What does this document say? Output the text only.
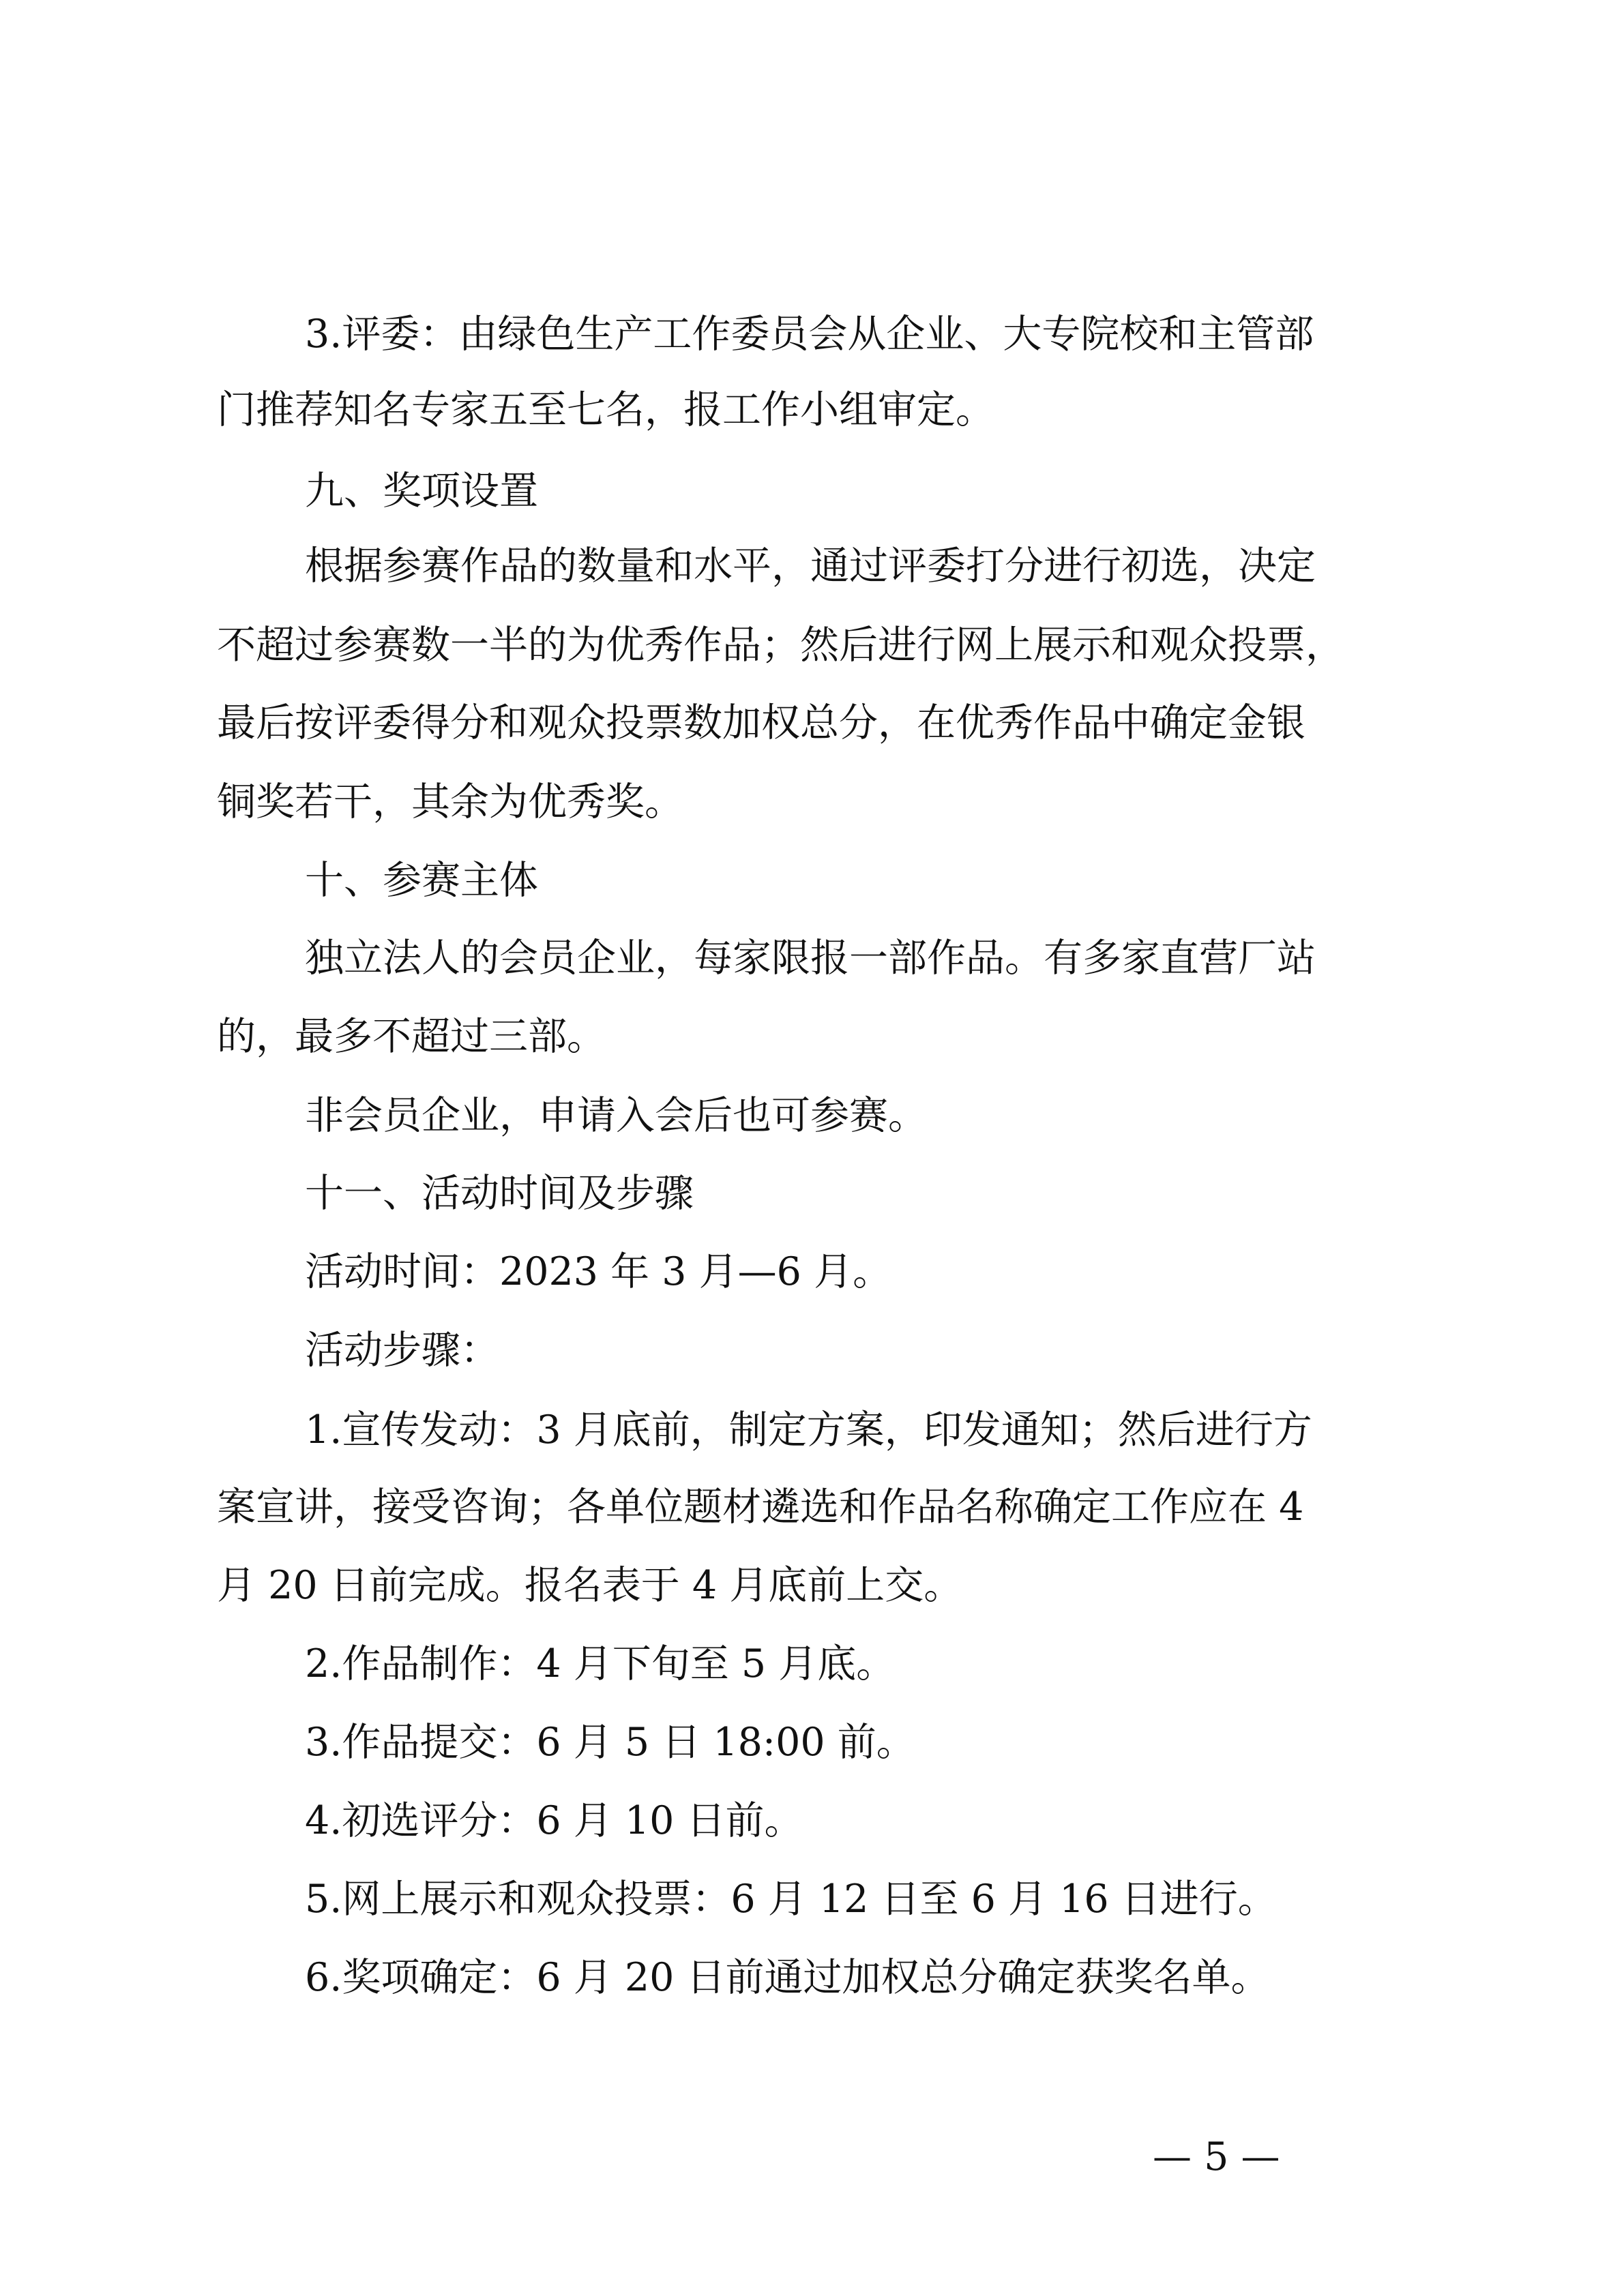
3.评委：由绿色生产工作委员会从企业、大专院校和主管部
门推荐知名专家五至七名，报工作小组审定。
九、奖项设置
根据参赛作品的数量和水平，通过评委打分进行初选，决定
不超过参赛数一半的为优秀作品；然后进行网上展示和观众投票，
最后按评委得分和观众投票数加权总分，在优秀作品中确定金银
铜奖若干，其余为优秀奖。
十、参赛主体
独立法人的会员企业，每家限报一部作品。有多家直营厂站
的，最多不超过三部。
非会员企业，申请入会后也可参赛。
十一、活动时间及步骤
活动时间：2023 年 3 月—6 月。
活动步骤：
1.宣传发动：3 月底前，制定方案，印发通知；然后进行方
案宣讲，接受咨询；各单位题材遴选和作品名称确定工作应在 4
月 20 日前完成。报名表于 4 月底前上交。
2.作品制作：4 月下旬至 5 月底。
3.作品提交：6 月 5 日 18:00 前。
4.初选评分：6 月 10 日前。
5.网上展示和观众投票：6 月 12 日至 6 月 16 日进行。
6.奖项确定：6 月 20 日前通过加权总分确定获奖名单。
— 5 —
